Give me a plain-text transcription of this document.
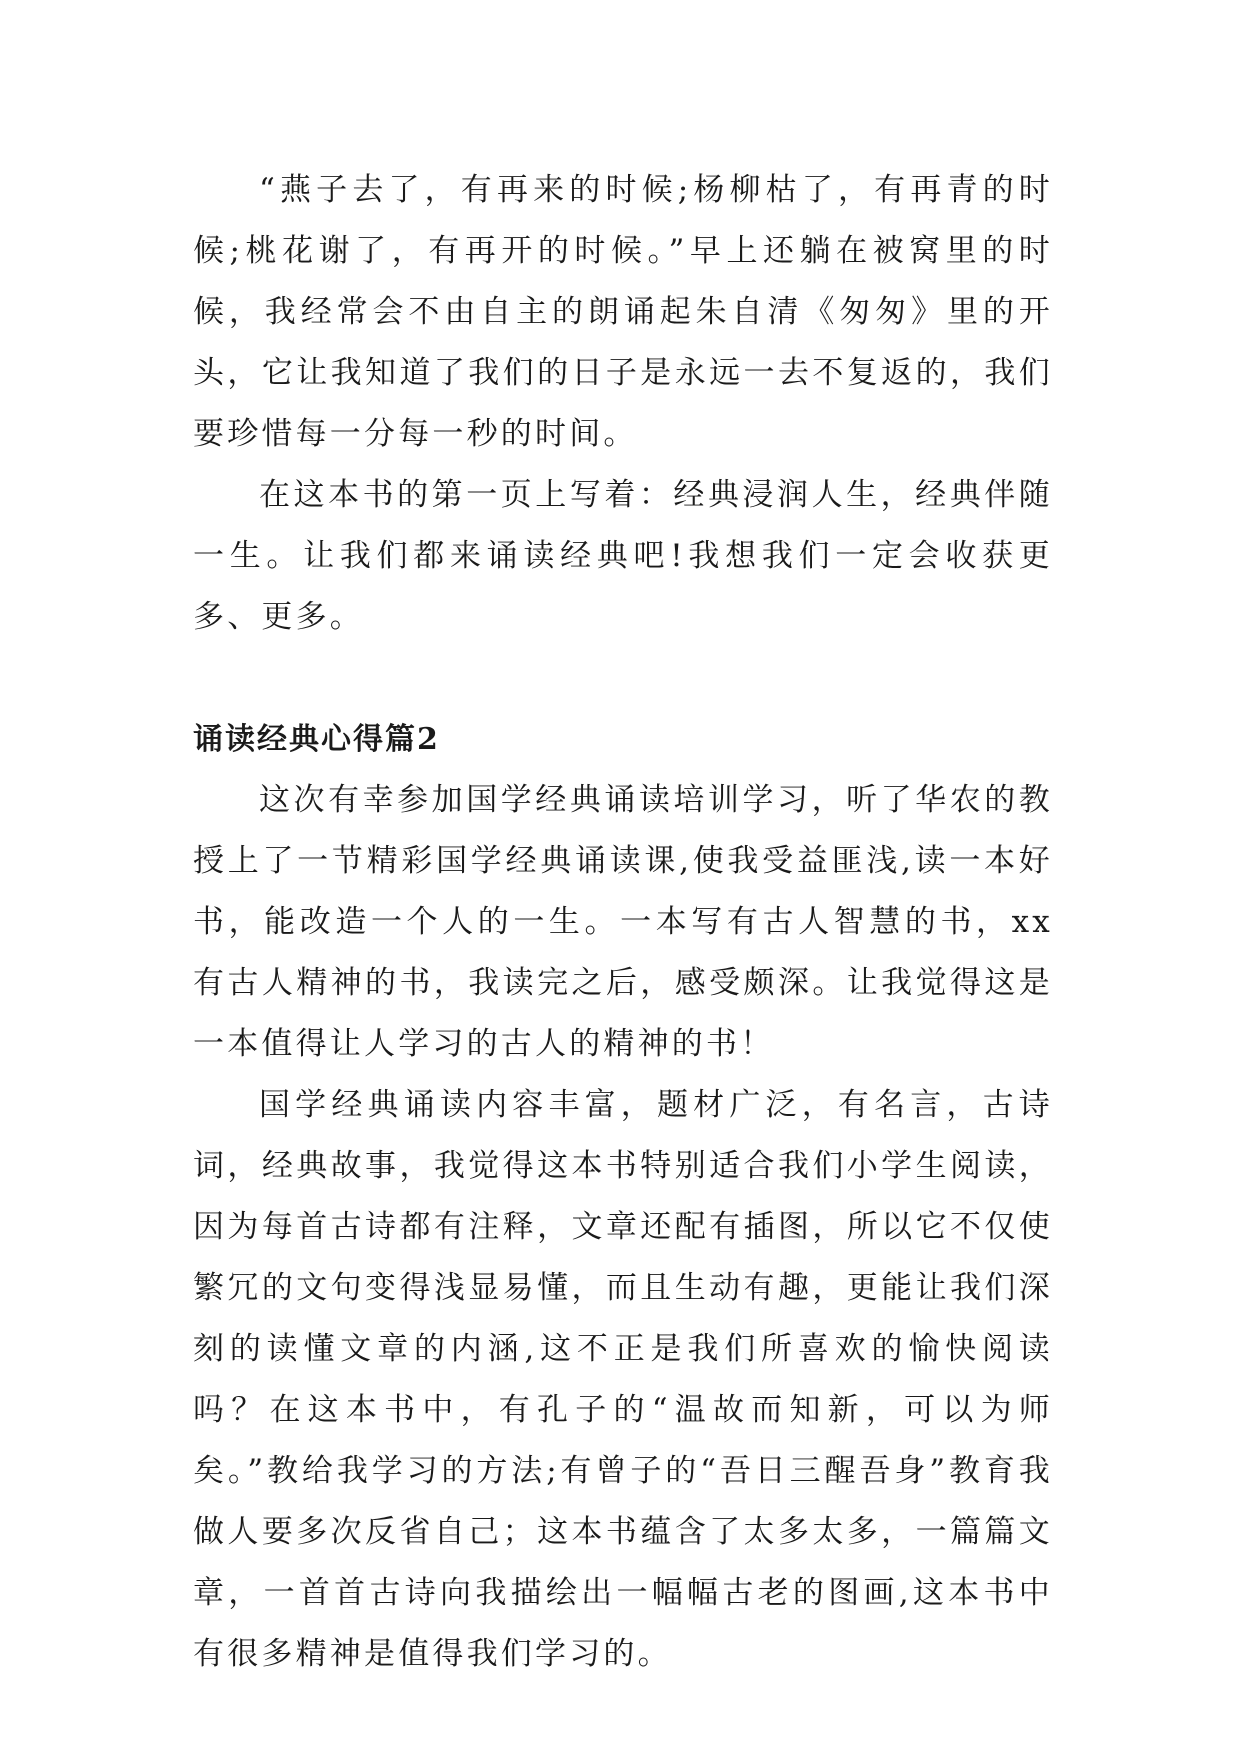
“燕子去了，有再来的时候;杨柳枯了，有再青的时候;桃花谢了，有再开的时候。”早上还躺在被窝里的时候，我经常会不由自主的朗诵起朱自清《匆匆》里的开头，它让我知道了我们的日子是永远一去不复返的，我们要珍惜每一分每一秒的时间。

在这本书的第一页上写着：经典浸润人生，经典伴随一生。让我们都来诵读经典吧!我想我们一定会收获更多、更多。

诵读经典心得篇2

这次有幸参加国学经典诵读培训学习，听了华农的教授上了一节精彩国学经典诵读课,使我受益匪浅,读一本好书，能改造一个人的一生。一本写有古人智慧的书，xx有古人精神的书，我读完之后，感受颇深。让我觉得这是一本值得让人学习的古人的精神的书！

国学经典诵读内容丰富，题材广泛，有名言，古诗词，经典故事，我觉得这本书特别适合我们小学生阅读，因为每首古诗都有注释，文章还配有插图，所以它不仅使繁冗的文句变得浅显易懂，而且生动有趣，更能让我们深刻的读懂文章的内涵,这不正是我们所喜欢的愉快阅读吗？在这本书中，有孔子的“温故而知新，可以为师矣。”教给我学习的方法;有曾子的“吾日三醒吾身”教育我做人要多次反省自己；这本书蕴含了太多太多，一篇篇文章，一首首古诗向我描绘出一幅幅古老的图画,这本书中有很多精神是值得我们学习的。
